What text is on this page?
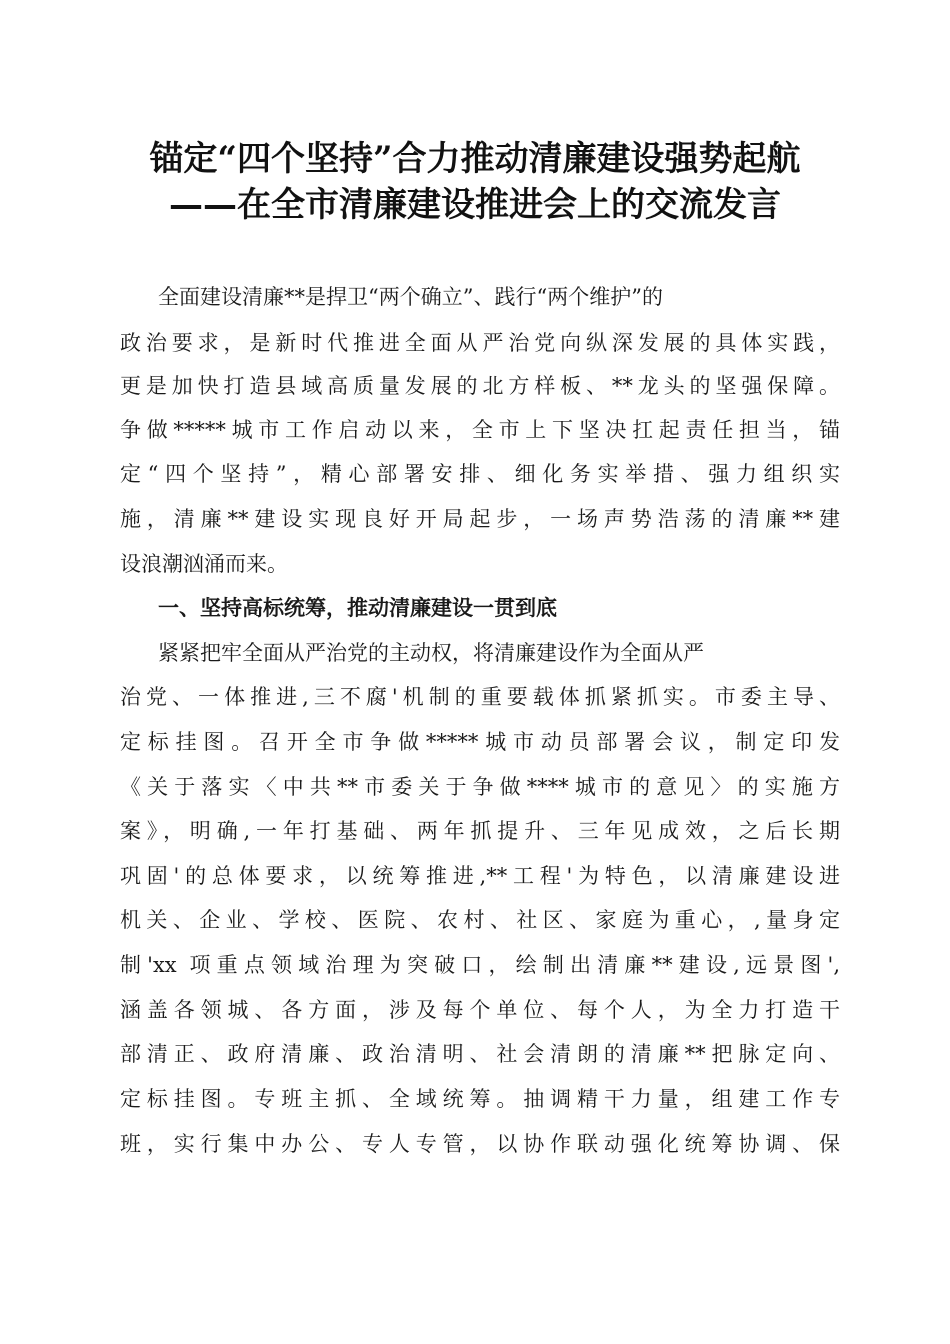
锚定“四个坚持”合力推动清廉建设强势起航
——在全市清廉建设推进会上的交流发言
全面建设清廉**是捍卫“两个确立”、践行“两个维护”的
政治要求，是新时代推进全面从严治党向纵深发展的具体实践，
更是加快打造县域高质量发展的北方样板、**龙头的坚强保障。
争做*****城市工作启动以来，全市上下坚决扛起责任担当，锚
定“四个坚持”，精心部署安排、细化务实举措、强力组织实
施，清廉**建设实现良好开局起步，一场声势浩荡的清廉**建
设浪潮汹涌而来。
一、坚持高标统筹，推动清廉建设一贯到底
紧紧把牢全面从严治党的主动权，将清廉建设作为全面从严
治党、一体推进,三不腐'机制的重要载体抓紧抓实。市委主导、
定标挂图。召开全市争做*****城市动员部署会议，制定印发
《关于落实〈中共**市委关于争做****城市的意见〉的实施方
案》，明确,一年打基础、两年抓提升、三年见成效，之后长期
巩固'的总体要求，以统筹推进,**工程'为特色，以清廉建设进
机关、企业、学校、医院、农村、社区、家庭为重心，,量身定
制'xx 项重点领域治理为突破口，绘制出清廉**建设,远景图',
涵盖各领城、各方面，涉及每个单位、每个人，为全力打造干
部清正、政府清廉、政治清明、社会清朗的清廉**把脉定向、
定标挂图。专班主抓、全域统筹。抽调精干力量，组建工作专
班，实行集中办公、专人专管，以协作联动强化统筹协调、保
